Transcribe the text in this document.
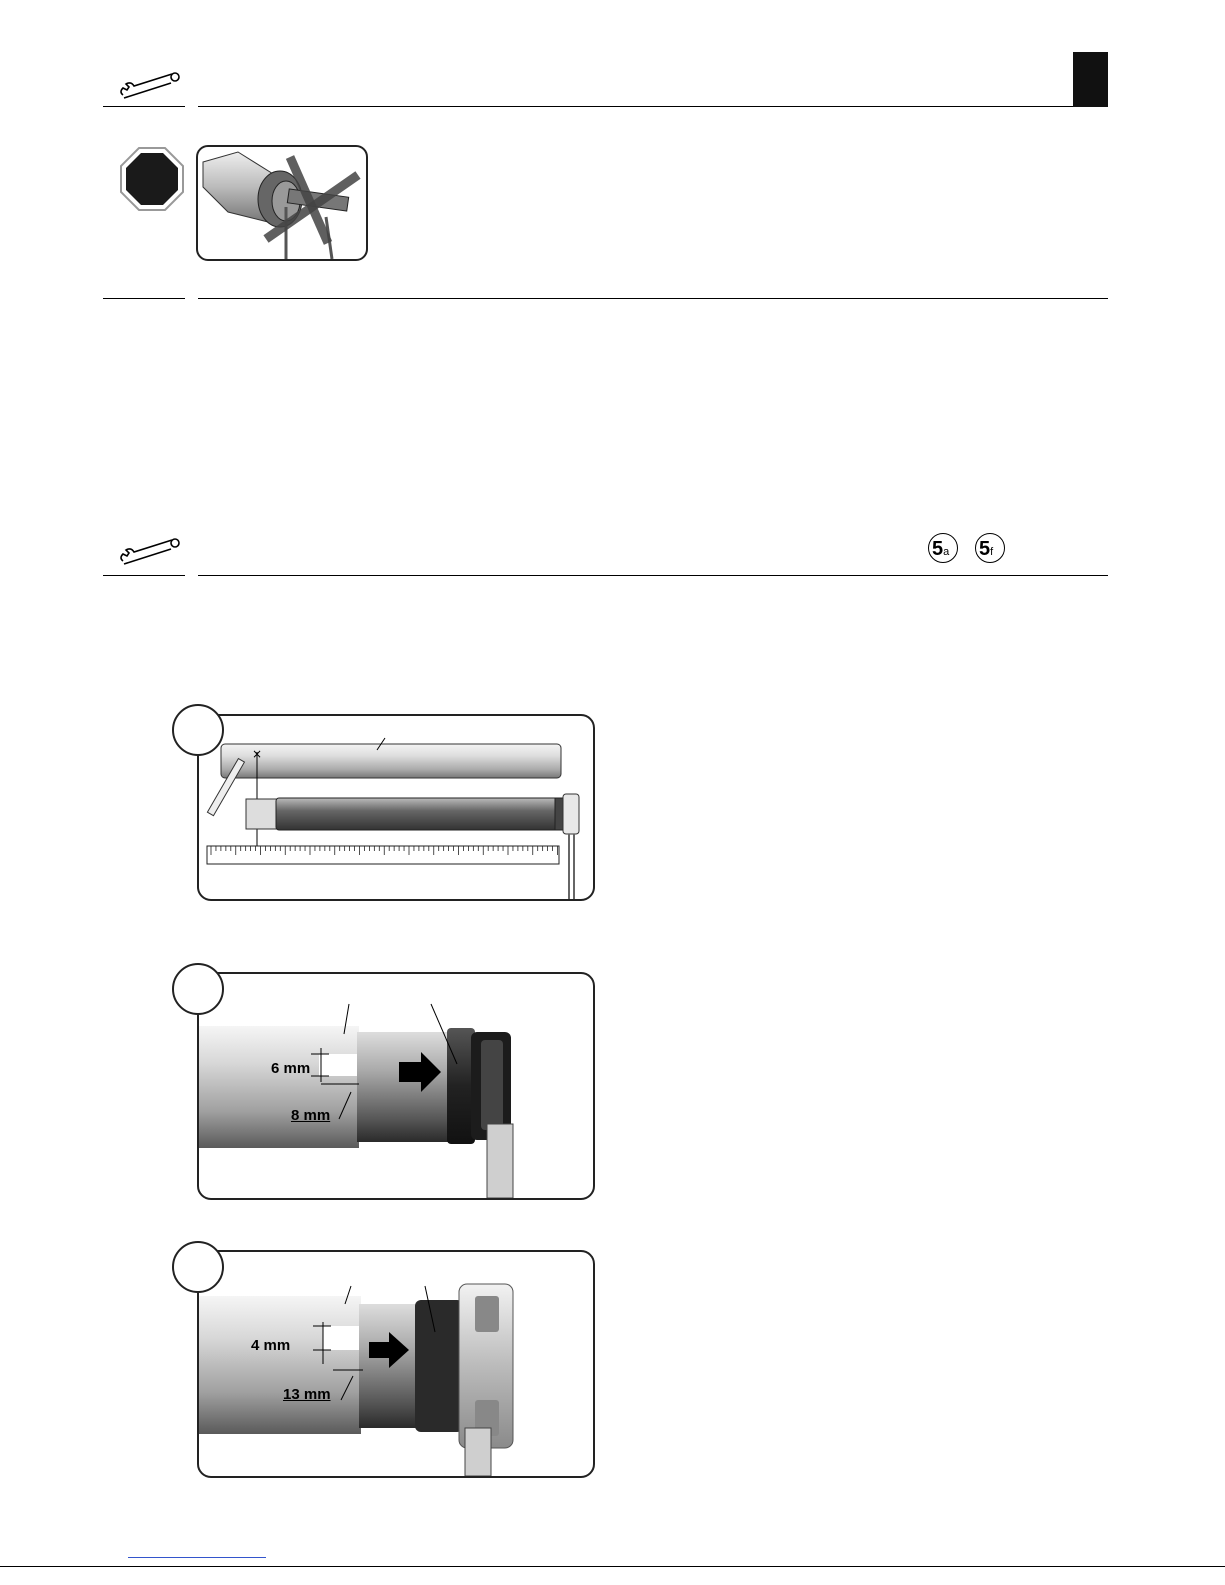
5a	5f
×
6 mm
8 mm
4 mm
13 mm
